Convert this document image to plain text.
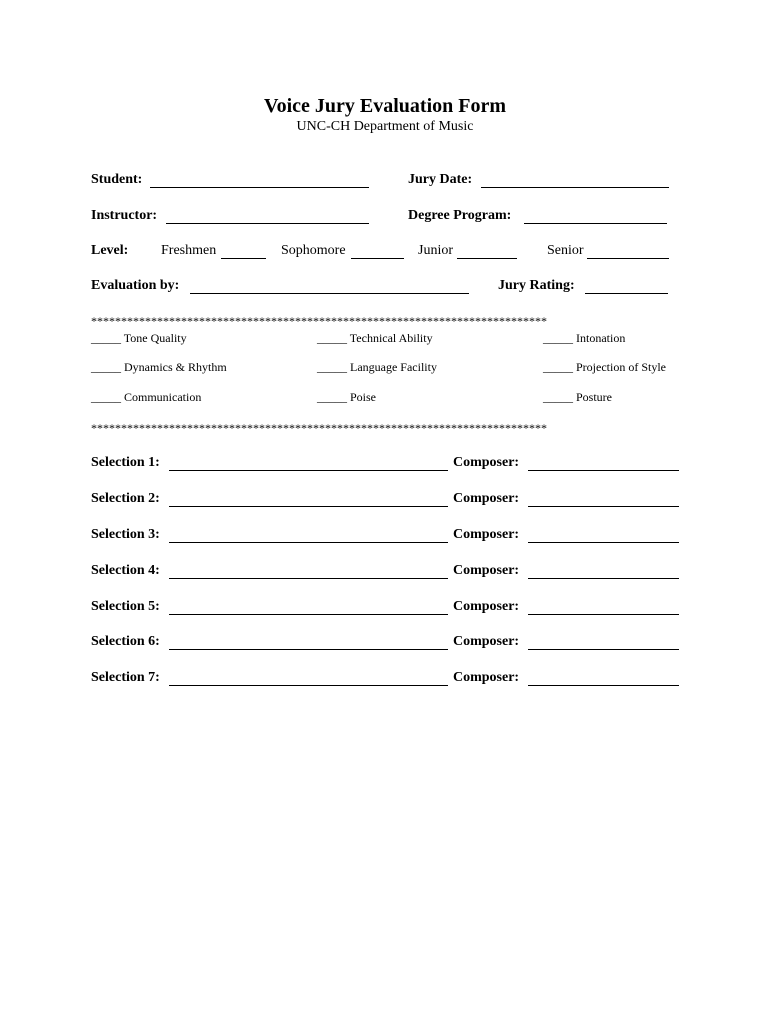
Voice Jury Evaluation Form
UNC-CH Department of Music
Student:	Jury Date:
Instructor:	Degree Program:
Level: Freshmen	Sophomore	Junior	Senior
Evaluation by:	Jury Rating:
****************************************************************************
_____ Tone Quality	_____ Technical Ability	_____ Intonation
_____ Dynamics & Rhythm	_____ Language Facility	_____ Projection of Style
_____ Communication	_____ Poise	_____ Posture
****************************************************************************
Selection 1:	Composer:
Selection 2:	Composer:
Selection 3:	Composer:
Selection 4:	Composer:
Selection 5:	Composer:
Selection 6:	Composer:
Selection 7:	Composer:
